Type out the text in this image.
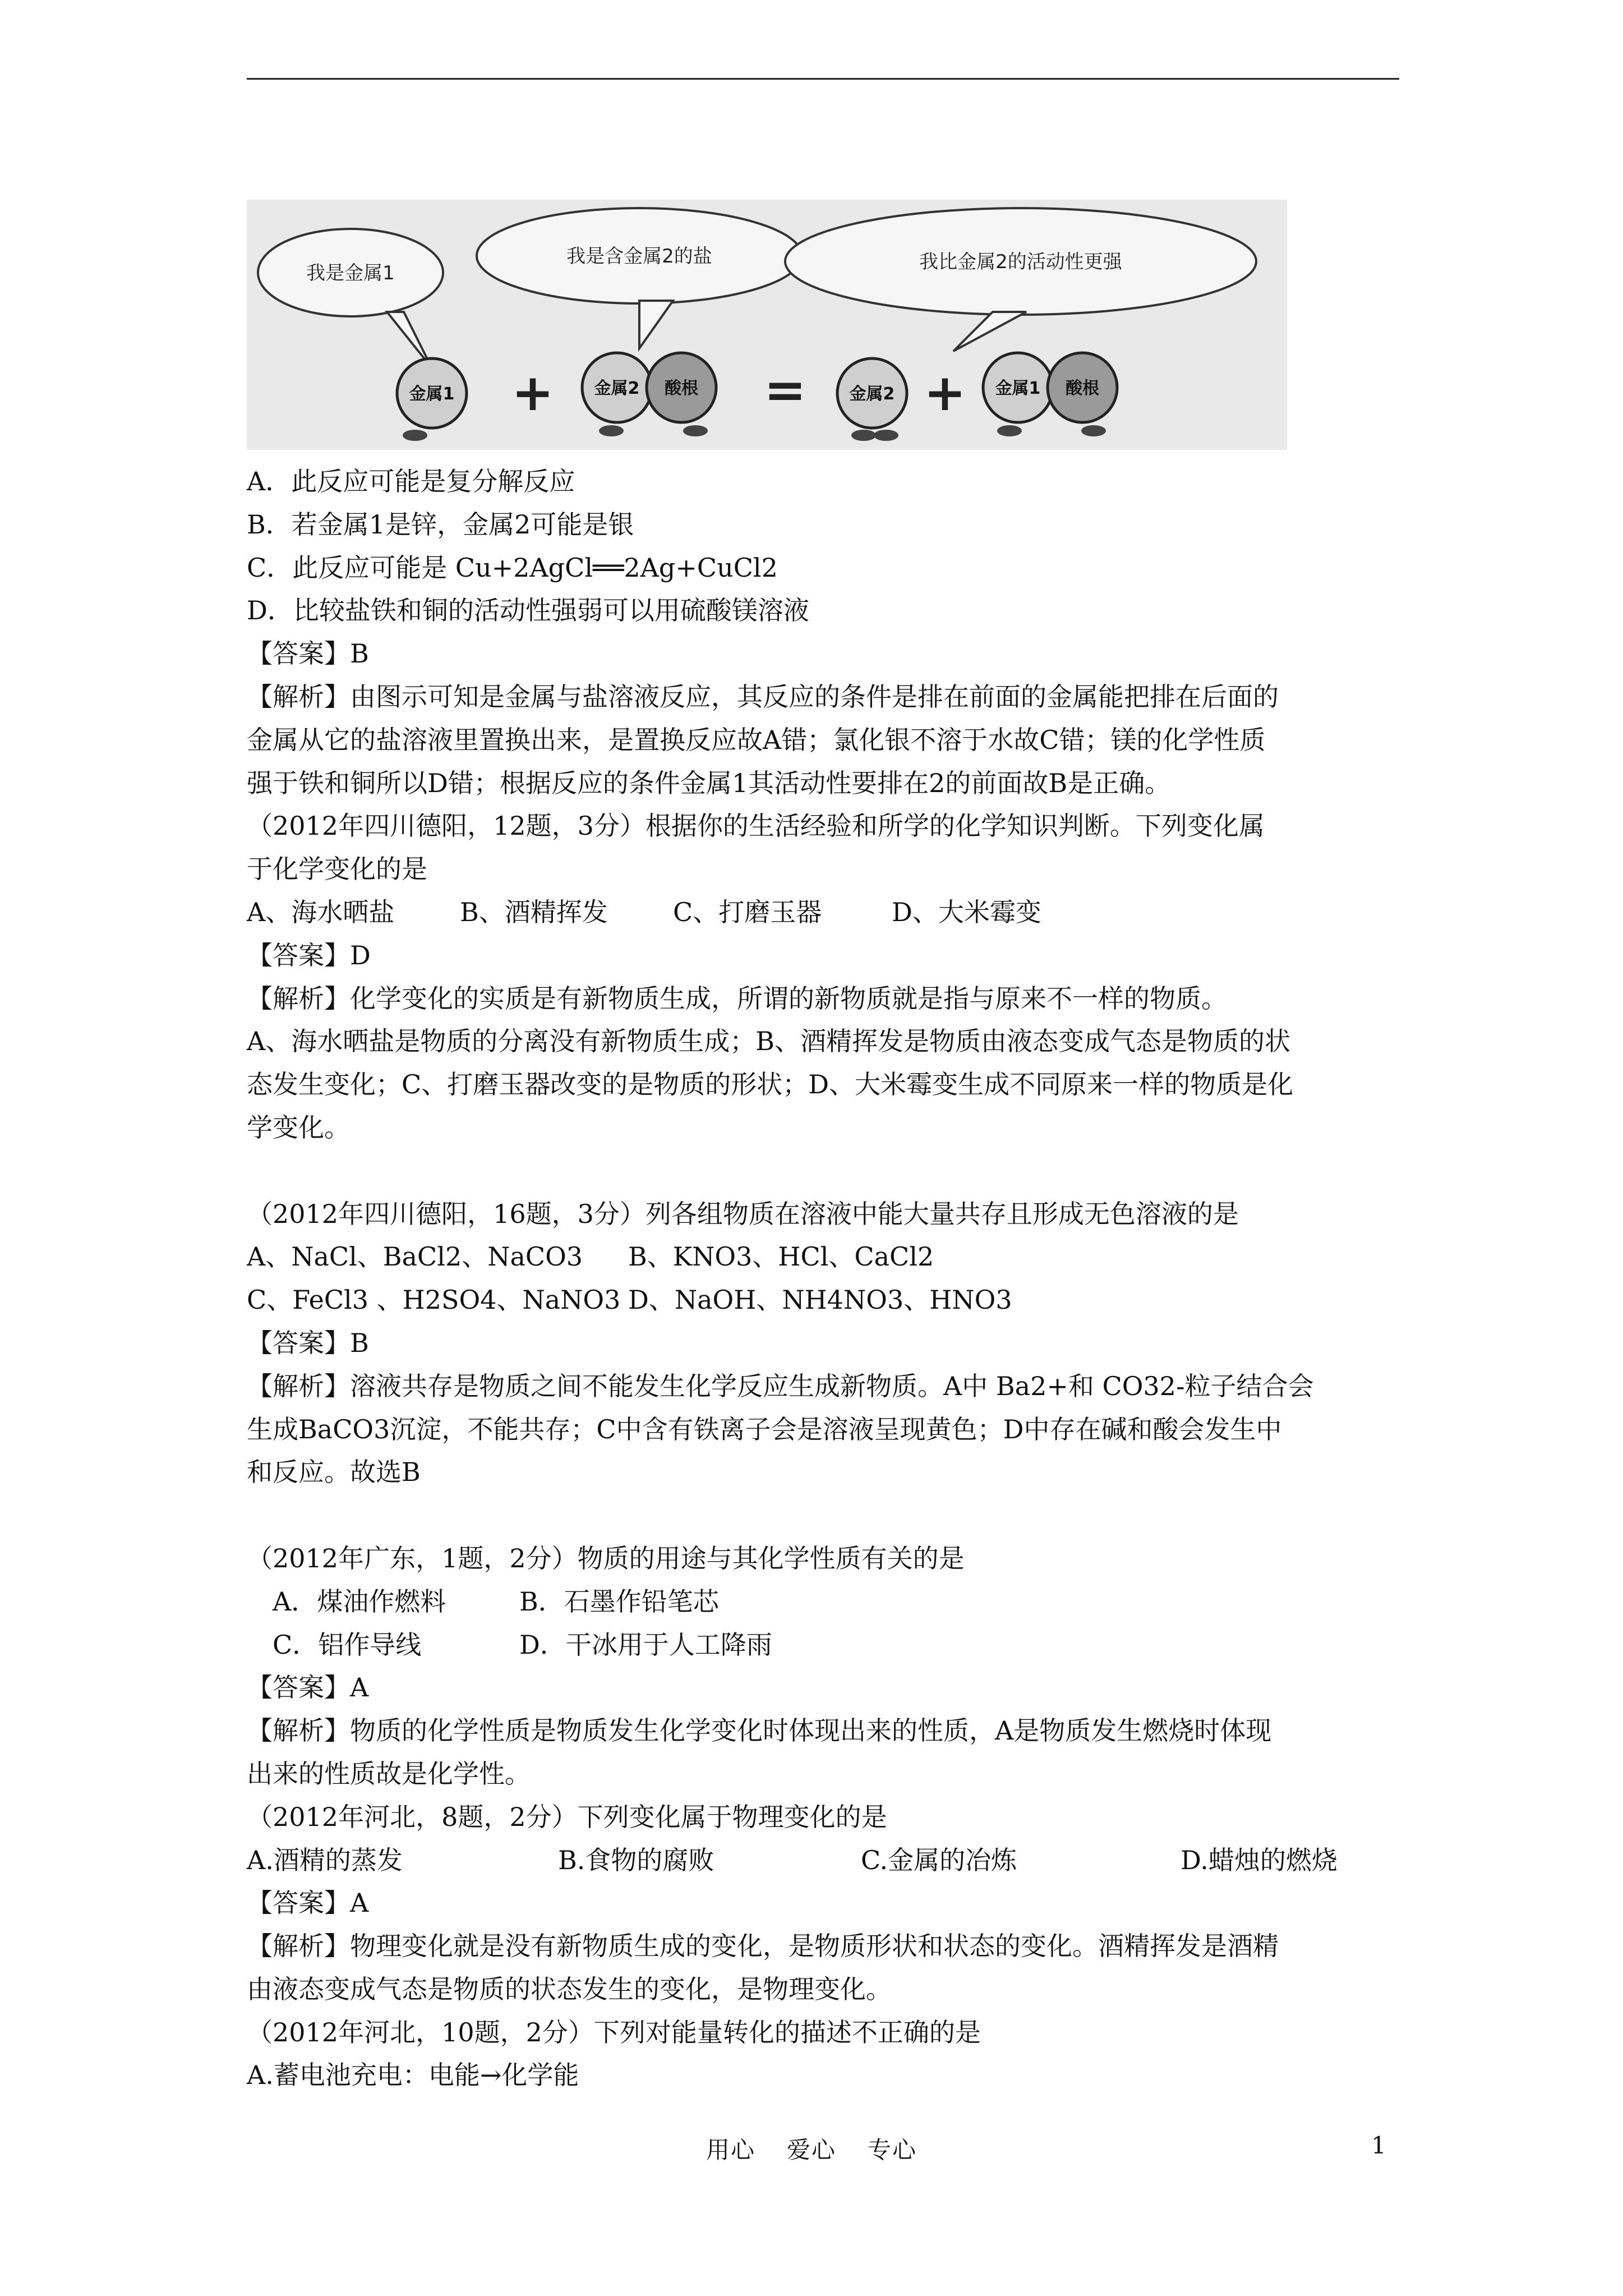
我是金属1
我是含金属2的盐	我比金属2的活动性更强
金属1 + 金属2 酸根 =	金属2 + 金属1 酸根
A．此反应可能是复分解反应
B．若金属1是锌，金属2可能是银
C．此反应可能是 Cu+2AgCl══2Ag+CuCl2
D．比较盐铁和铜的活动性强弱可以用硫酸镁溶液
【答案】B
【解析】由图示可知是金属与盐溶液反应，其反应的条件是排在前面的金属能把排在后面的
金属从它的盐溶液里置换出来，是置换反应故A错；氯化银不溶于水故C错；镁的化学性质
强于铁和铜所以D错；根据反应的条件金属1其活动性要排在2的前面故B是正确。
（2012年四川德阳，12题，3分）根据你的生活经验和所学的化学知识判断。下列变化属
于化学变化的是
A、海水晒盐	B、酒精挥发	C、打磨玉器	D、大米霉变
【答案】D
【解析】化学变化的实质是有新物质生成，所谓的新物质就是指与原来不一样的物质。
A、海水晒盐是物质的分离没有新物质生成；B、酒精挥发是物质由液态变成气态是物质的状
态发生变化；C、打磨玉器改变的是物质的形状；D、大米霉变生成不同原来一样的物质是化
学变化。
（2012年四川德阳，16题，3分）列各组物质在溶液中能大量共存且形成无色溶液的是
A、NaCl、BaCl2、NaCO3 B、KNO3、HCl、CaCl2
C、FeCl3 、H2SO4、NaNO3 D、NaOH、NH4NO3、HNO3
【答案】B
【解析】溶液共存是物质之间不能发生化学反应生成新物质。A中 Ba2+和 CO32-粒子结合会
生成BaCO3沉淀，不能共存；C中含有铁离子会是溶液呈现黄色；D中存在碱和酸会发生中
和反应。故选B
（2012年广东，1题，2分）物质的用途与其化学性质有关的是
A．煤油作燃料	B．石墨作铅笔芯
C．铝作导线	D．干冰用于人工降雨
【答案】A
【解析】物质的化学性质是物质发生化学变化时体现出来的性质，A是物质发生燃烧时体现
出来的性质故是化学性。
（2012年河北，8题，2分）下列变化属于物理变化的是
A.酒精的蒸发	B.食物的腐败	C.金属的冶炼	D.蜡烛的燃烧
【答案】A
【解析】物理变化就是没有新物质生成的变化，是物质形状和状态的变化。酒精挥发是酒精
由液态变成气态是物质的状态发生的变化，是物理变化。
（2012年河北，10题，2分）下列对能量转化的描述不正确的是
A.蓄电池充电：电能→化学能
用心 爱心 专心	1
